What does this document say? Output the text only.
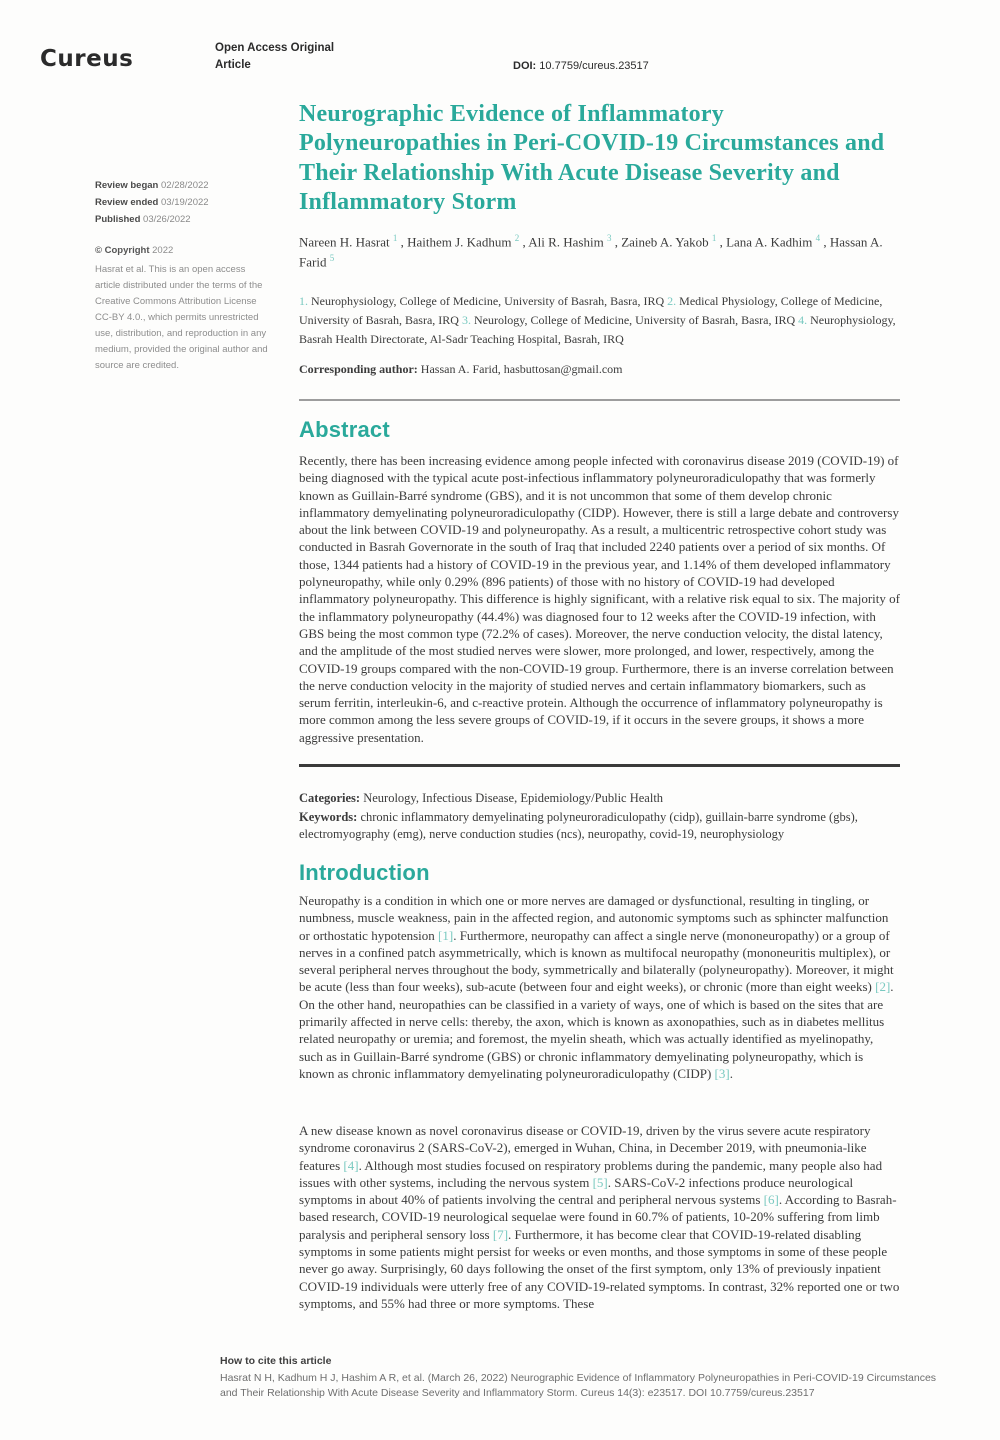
Cureus	Open Access Original Article	DOI: 10.7759/cureus.23517
Review began 02/28/2022
Review ended 03/19/2022
Published 03/26/2022
© Copyright 2022
Hasrat et al. This is an open access article distributed under the terms of the Creative Commons Attribution License CC-BY 4.0., which permits unrestricted use, distribution, and reproduction in any medium, provided the original author and source are credited.
Neurographic Evidence of Inflammatory Polyneuropathies in Peri-COVID-19 Circumstances and Their Relationship With Acute Disease Severity and Inflammatory Storm
Nareen H. Hasrat $^1$ , Haithem J. Kadhum $^2$ , Ali R. Hashim $^3$ , Zaineb A. Yakob $^1$ , Lana A. Kadhim $^4$ , Hassan A. Farid $^5$
1. Neurophysiology, College of Medicine, University of Basrah, Basra, IRQ 2. Medical Physiology, College of Medicine, University of Basrah, Basra, IRQ 3. Neurology, College of Medicine, University of Basrah, Basra, IRQ 4. Neurophysiology, Basrah Health Directorate, Al-Sadr Teaching Hospital, Basrah, IRQ
Corresponding author: Hassan A. Farid, hasbuttosan@gmail.com
Abstract

Recently, there has been increasing evidence among people infected with coronavirus disease 2019 (COVID-19) of being diagnosed with the typical acute post-infectious inflammatory polyneuroradiculopathy that was formerly known as Guillain-Barré syndrome (GBS), and it is not uncommon that some of them develop chronic inflammatory demyelinating polyneuroradiculopathy (CIDP). However, there is still a large debate and controversy about the link between COVID-19 and polyneuropathy. As a result, a multicentric retrospective cohort study was conducted in Basrah Governorate in the south of Iraq that included 2240 patients over a period of six months. Of those, 1344 patients had a history of COVID-19 in the previous year, and 1.14% of them developed inflammatory polyneuropathy, while only 0.29% (896 patients) of those with no history of COVID-19 had developed inflammatory polyneuropathy. This difference is highly significant, with a relative risk equal to six. The majority of the inflammatory polyneuropathy (44.4%) was diagnosed four to 12 weeks after the COVID-19 infection, with GBS being the most common type (72.2% of cases). Moreover, the nerve conduction velocity, the distal latency, and the amplitude of the most studied nerves were slower, more prolonged, and lower, respectively, among the COVID-19 groups compared with the non-COVID-19 group. Furthermore, there is an inverse correlation between the nerve conduction velocity in the majority of studied nerves and certain inflammatory biomarkers, such as serum ferritin, interleukin-6, and c-reactive protein. Although the occurrence of inflammatory polyneuropathy is more common among the less severe groups of COVID-19, if it occurs in the severe groups, it shows a more aggressive presentation.

Categories: Neurology, Infectious Disease, Epidemiology/Public Health
Keywords: chronic inflammatory demyelinating polyneuroradiculopathy (cidp), guillain-barre syndrome (gbs), electromyography (emg), nerve conduction studies (ncs), neuropathy, covid-19, neurophysiology
Introduction

Neuropathy is a condition in which one or more nerves are damaged or dysfunctional, resulting in tingling, or numbness, muscle weakness, pain in the affected region, and autonomic symptoms such as sphincter malfunction or orthostatic hypotension [1]. Furthermore, neuropathy can affect a single nerve (mononeuropathy) or a group of nerves in a confined patch asymmetrically, which is known as multifocal neuropathy (mononeuritis multiplex), or several peripheral nerves throughout the body, symmetrically and bilaterally (polyneuropathy). Moreover, it might be acute (less than four weeks), sub-acute (between four and eight weeks), or chronic (more than eight weeks) [2]. On the other hand, neuropathies can be classified in a variety of ways, one of which is based on the sites that are primarily affected in nerve cells: thereby, the axon, which is known as axonopathies, such as in diabetes mellitus related neuropathy or uremia; and foremost, the myelin sheath, which was actually identified as myelinopathy, such as in Guillain-Barré syndrome (GBS) or chronic inflammatory demyelinating polyneuropathy, which is known as chronic inflammatory demyelinating polyneuroradiculopathy (CIDP) [3].

A new disease known as novel coronavirus disease or COVID-19, driven by the virus severe acute respiratory syndrome coronavirus 2 (SARS-CoV-2), emerged in Wuhan, China, in December 2019, with pneumonia-like features [4]. Although most studies focused on respiratory problems during the pandemic, many people also had issues with other systems, including the nervous system [5]. SARS-CoV-2 infections produce neurological symptoms in about 40% of patients involving the central and peripheral nervous systems [6]. According to Basrah-based research, COVID-19 neurological sequelae were found in 60.7% of patients, 10-20% suffering from limb paralysis and peripheral sensory loss [7]. Furthermore, it has become clear that COVID-19-related disabling symptoms in some patients might persist for weeks or even months, and those symptoms in some of these people never go away. Surprisingly, 60 days following the onset of the first symptom, only 13% of previously inpatient COVID-19 individuals were utterly free of any COVID-19-related symptoms. In contrast, 32% reported one or two symptoms, and 55% had three or more symptoms. These

How to cite this article
Hasrat N H, Kadhum H J, Hashim A R, et al. (March 26, 2022) Neurographic Evidence of Inflammatory Polyneuropathies in Peri-COVID-19 Circumstances and Their Relationship With Acute Disease Severity and Inflammatory Storm. Cureus 14(3): e23517. DOI 10.7759/cureus.23517
